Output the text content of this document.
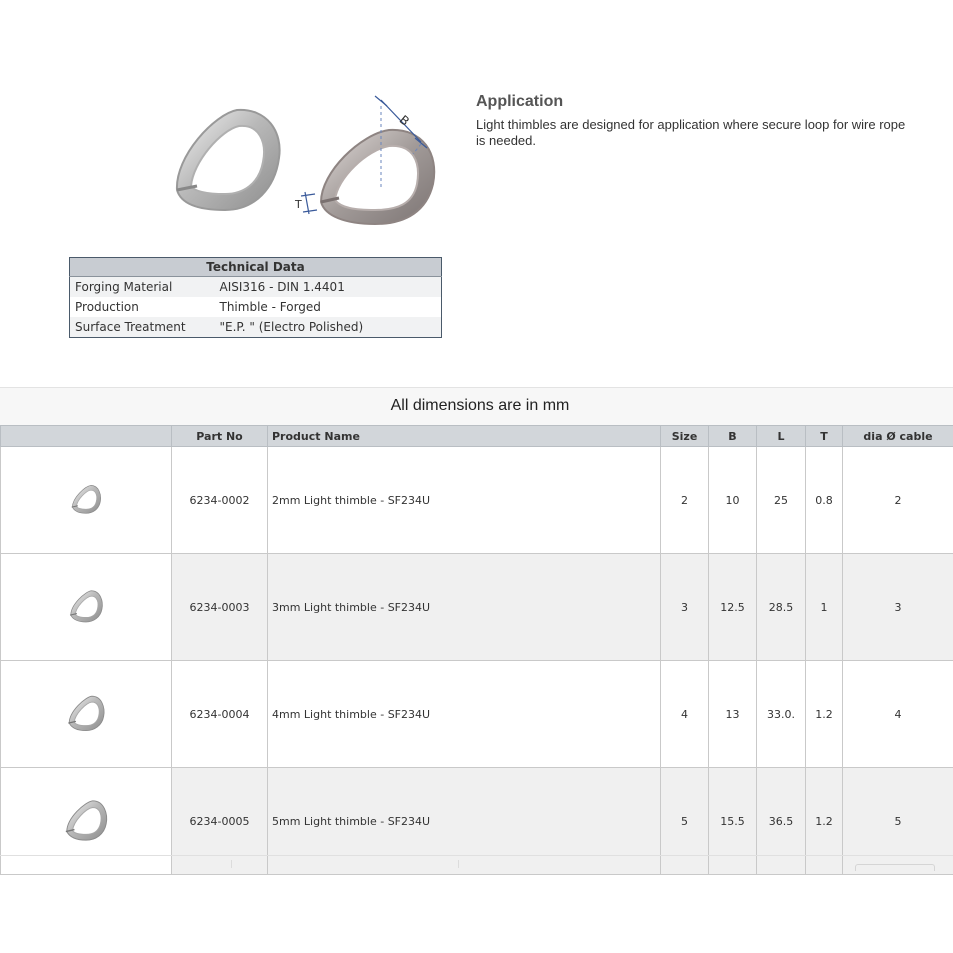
B
T
Application
Light thimbles are designed for application where secure loop for wire rope is needed.
Technical Data	
Forging Material	AISI316 - DIN 1.4401
Production	Thimble - Forged
Surface Treatment	"E.P. " (Electro Polished)
All dimensions are in mm
	Part No	Product Name	Size	B	L	T	dia Ø cable
	6234-0002	2mm Light thimble - SF234U	2	10	25	0.8	2
	6234-0003	3mm Light thimble - SF234U	3	12.5	28.5	1	3
	6234-0004	4mm Light thimble - SF234U	4	13	33.0.	1.2	4
	6234-0005	5mm Light thimble - SF234U	5	15.5	36.5	1.2	5
